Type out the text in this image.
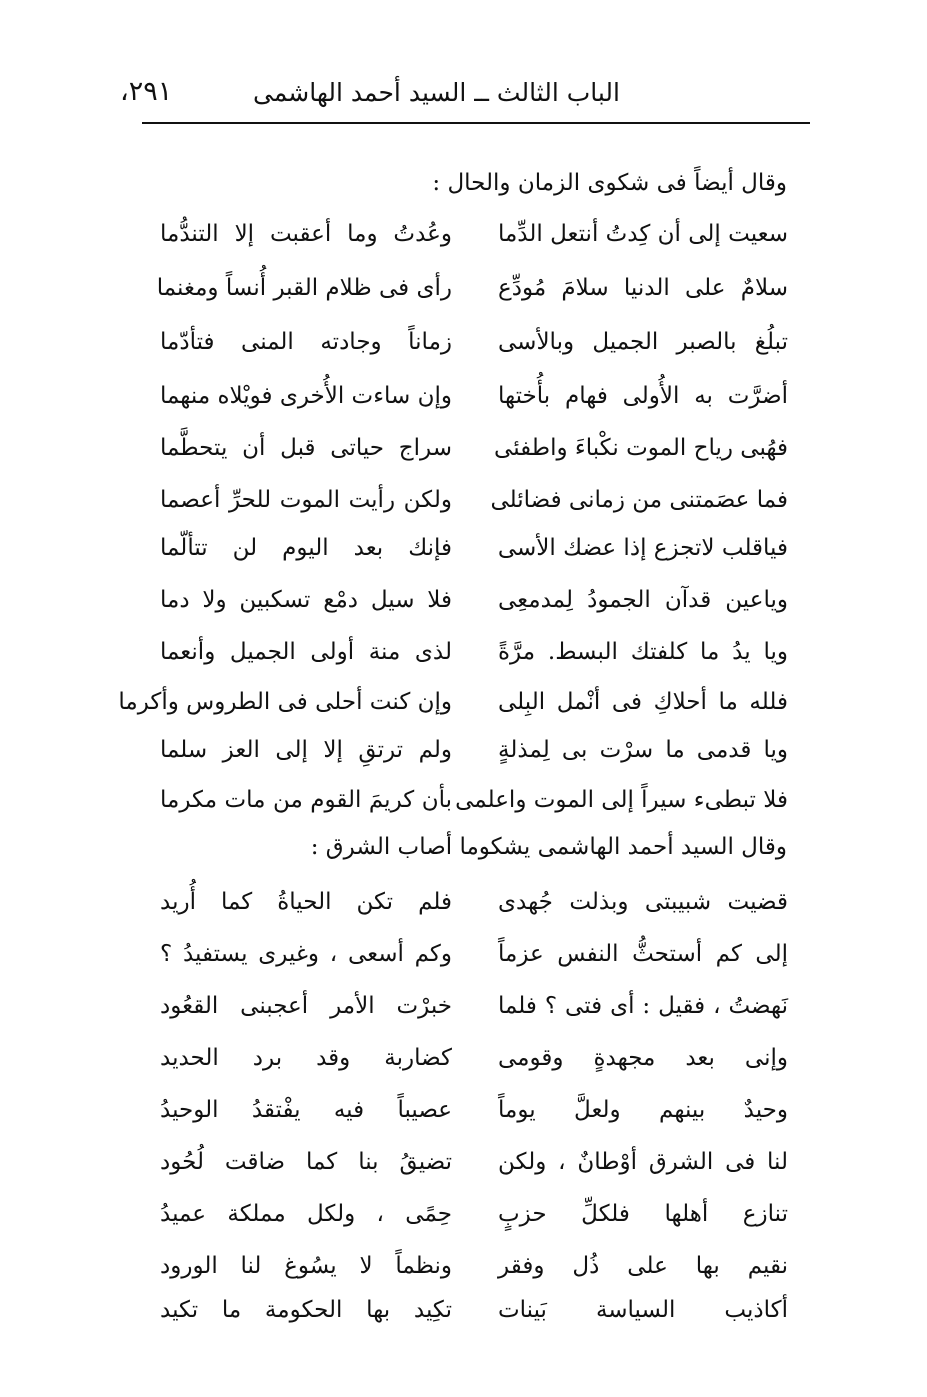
الباب الثالث ــ السيد أحمد الهاشمى
٢٩١،
وقال أيضاً فى شكوى الزمان والحال :
سعيت إلى أن كِدتُ أنتعل الدِّما
وعُدتُ وما أعقبت إلا التندُّما
سلامٌ على الدنيا سلامَ مُودِّع
رأى فى ظلام القبر أُنساً ومغنما
تبلُغ بالصبر الجميل وبالأسى
زماناً وجادته المنى فتأدّما
أضرَّت به الأُولى فهام بأُختها
وإن ساءت الأُخرى فويْلاه منهما
فهُبى رياح الموت نكْباءَ واطفئى
سراج حياتى قبل أن يتحطَّما
فما عصَمتنى من زمانى فضائلى
ولكن رأيت الموت للحرِّ أعصما
فياقلب لاتجزع إذا عضك الأسى
فإنك بعد اليوم لن تتألّما
وياعين قدآن الجمودُ لِمدمعِى
فلا سيل دمْع تسكبين ولا دما
ويا يدُ ما كلفتك البسط. مرَّةً
لذى منة أولى الجميل وأنعما
فلله ما أحلاكِ فى أنْمل البِلى
وإن كنت أحلى فى الطروس وأكرما
ويا قدمى ما سرْت بى لِمذلةٍ
ولم ترتقِ إلا إلى العز سلما
فلا تبطىء سيراً إلى الموت واعلمى
بأن كريمَ القوم من مات مكرما
وقال السيد أحمد الهاشمى يشكوما أصاب الشرق :
قضيت شبيبتى وبذلت جُهدى
فلم تكن الحياةُ كما أُريد
إلى كم أستحثُّ النفس عزماً
وكم أسعى ، وغيرى يستفيدُ ؟
نَهضتُ ، فقيل : أى فتى ؟ فلما
خبرْت الأمر أعجبنى القعُود
وإنى بعد مجهدةٍ وقومى
كضاربة وقد برد الحديد
وحيدٌ بينهم ولعلَّ يوماً
عصيباً فيه يفْتقدُ الوحيدُ
لنا فى الشرق أوْطانٌ ، ولكن
تضيقُ بنا كما ضاقت لُحُود
تنازع أهلها فلكلِّ حزبٍ
حِمًى ، ولكل مملكة عميدُ
نقيم بها على ذُل وفقر
ونظماً لا يسُوغ لنا الورود
أكاذيب السياسة بَينات
تكِيد بها الحكومة ما تكيد
